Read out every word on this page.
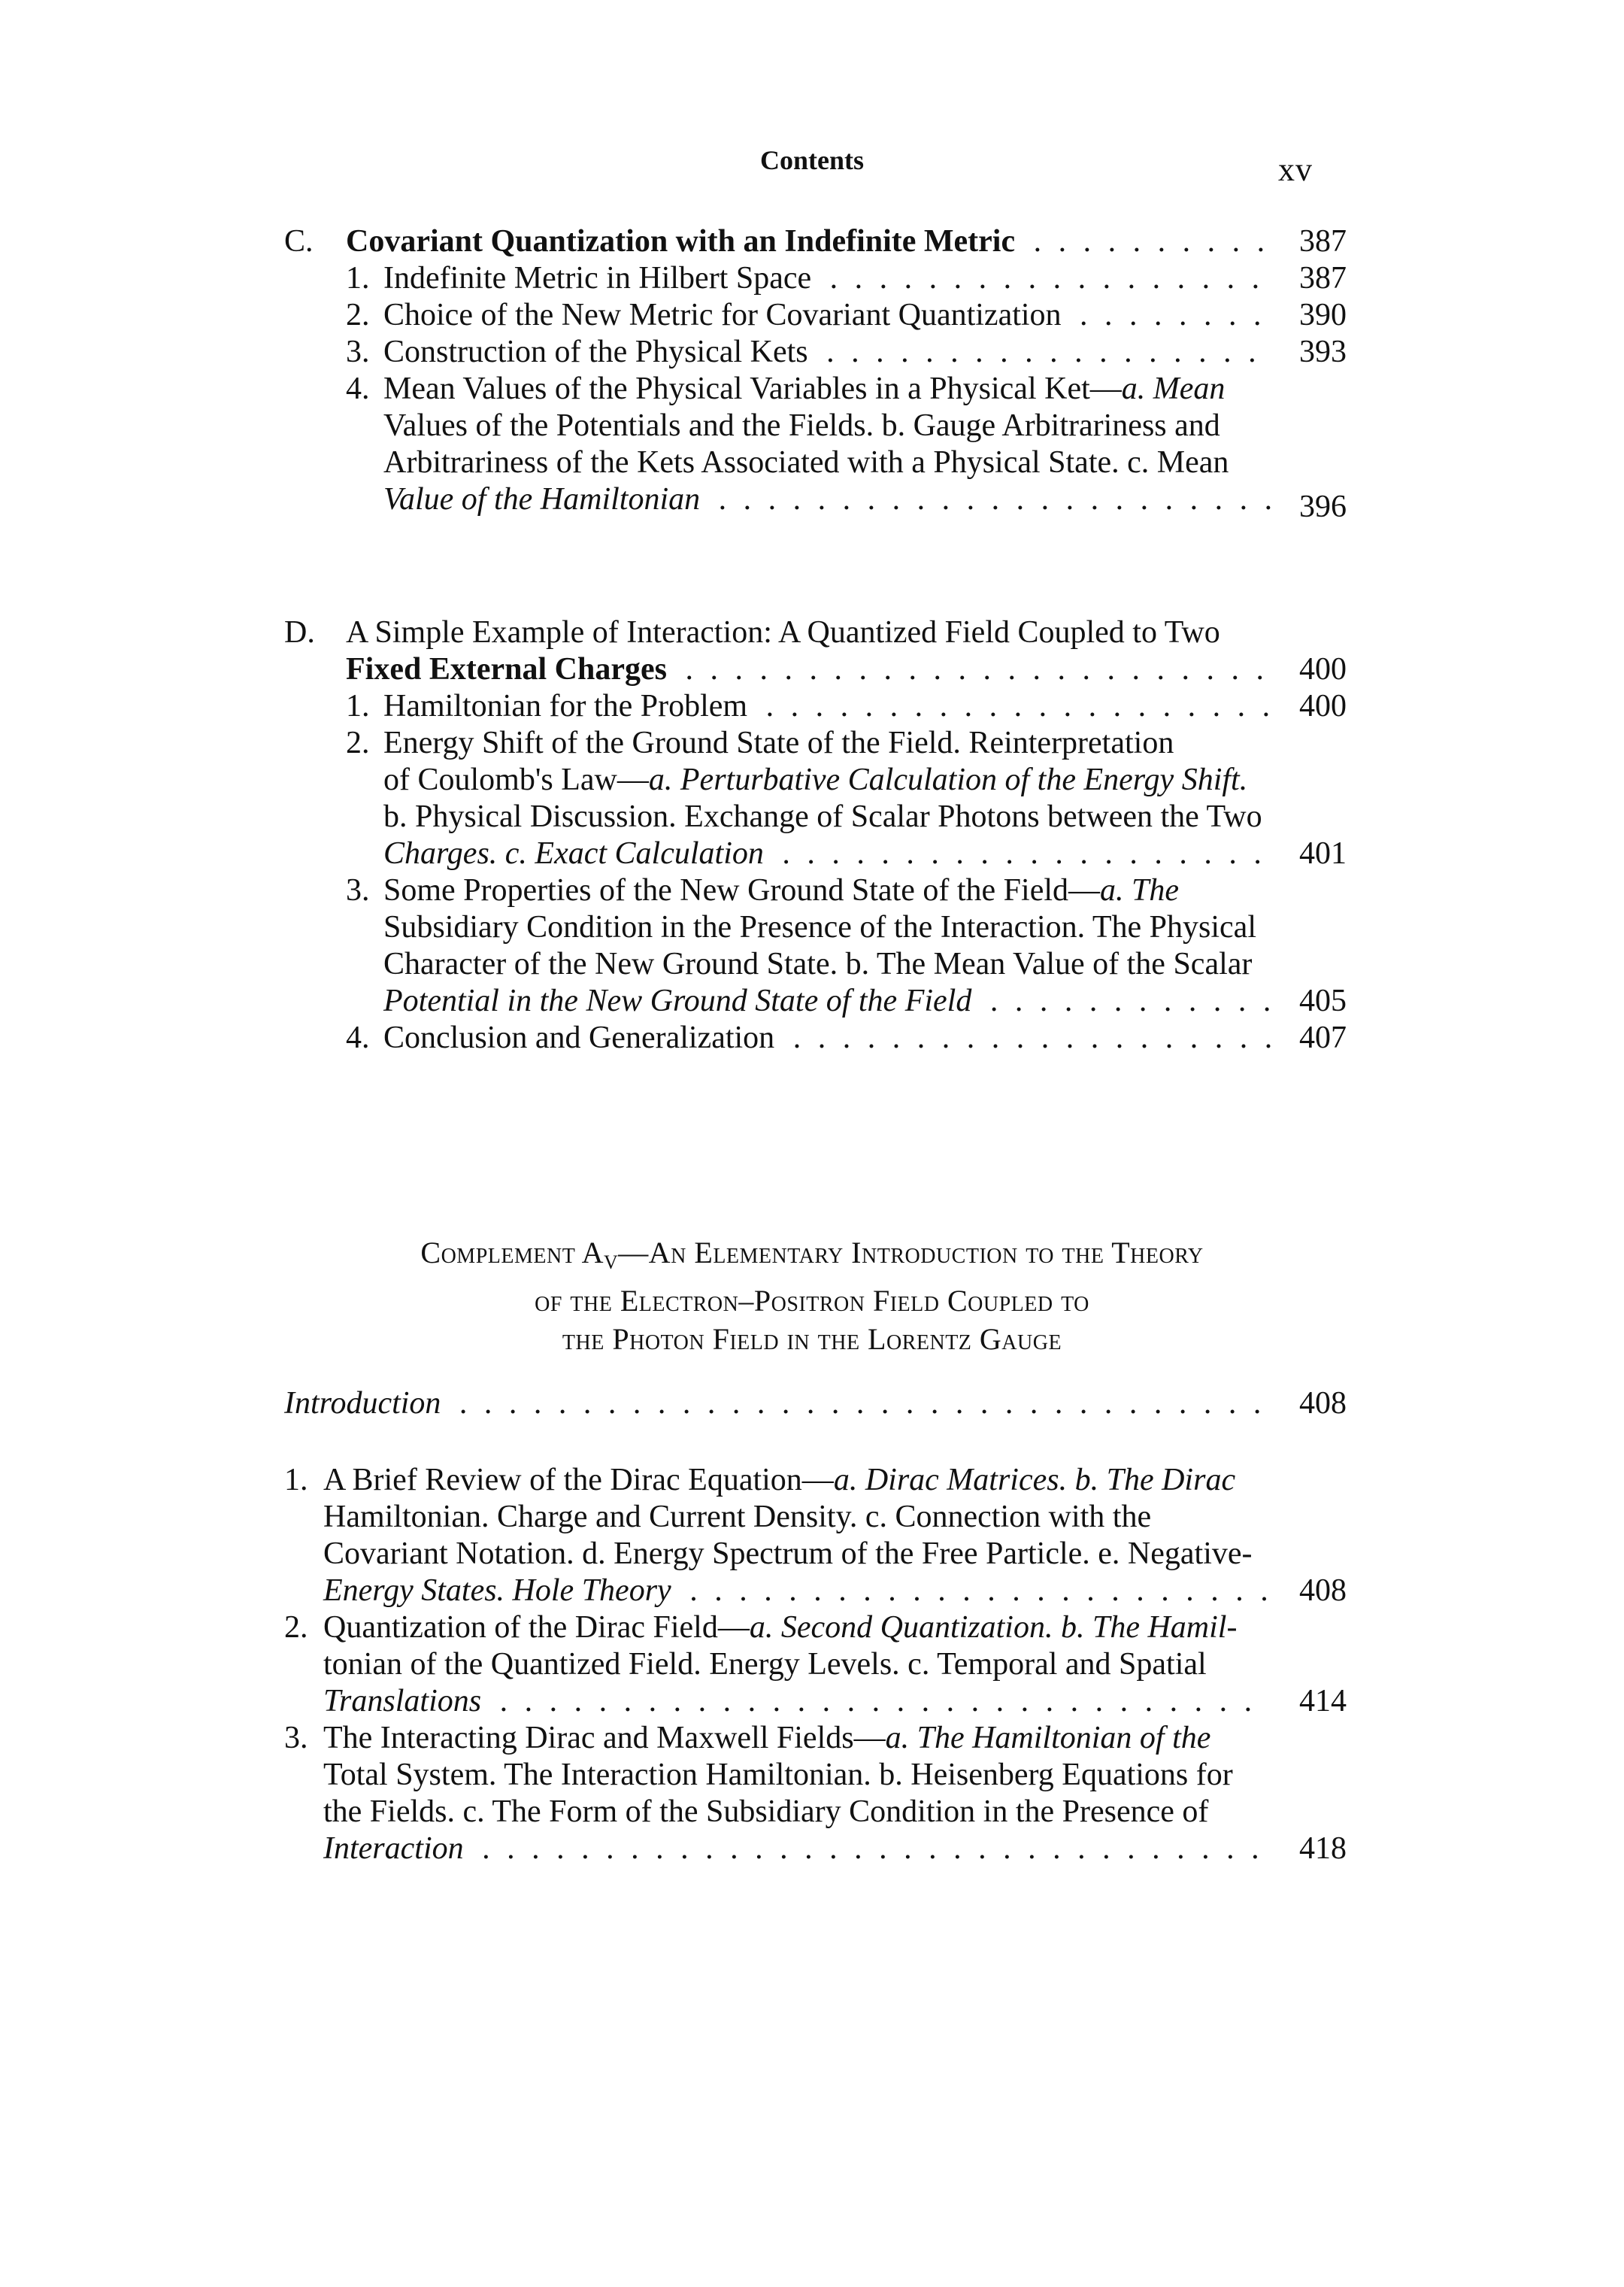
Contents	xv
C. Covariant Quantization with an Indefinite Metric . . . . . . . . . . 387
1. Indefinite Metric in Hilbert Space . . . . . . . . . . . . . . . . . . 387
2. Choice of the New Metric for Covariant Quantization . . . . . . . . 390
3. Construction of the Physical Kets . . . . . . . . . . . . . . . . . . 393
4. Mean Values of the Physical Variables in a Physical Ket—a. Mean
Values of the Potentials and the Fields. b. Gauge Arbitrariness and
Arbitrariness of the Kets Associated with a Physical State. c. Mean
Value of the Hamiltonian . . . . . . . . . . . . . . . . . . . . . . . 396
D. A Simple Example of Interaction: A Quantized Field Coupled to Two
Fixed External Charges . . . . . . . . . . . . . . . . . . . . . . . . 400
1. Hamiltonian for the Problem . . . . . . . . . . . . . . . . . . . . . 400
2. Energy Shift of the Ground State of the Field. Reinterpretation
of Coulomb's Law—a. Perturbative Calculation of the Energy Shift.
b. Physical Discussion. Exchange of Scalar Photons between the Two
Charges. c. Exact Calculation . . . . . . . . . . . . . . . . . . . . 401
3. Some Properties of the New Ground State of the Field—a. The
Subsidiary Condition in the Presence of the Interaction. The Physical
Character of the New Ground State. b. The Mean Value of the Scalar
Potential in the New Ground State of the Field . . . . . . . . . . . . 405
4. Conclusion and Generalization . . . . . . . . . . . . . . . . . . . . 407
Complement $A_V—An$ Elementary Introduction to the Theory
of the Electron–Positron Field Coupled to
the Photon Field in the Lorentz Gauge
Introduction . . . . . . . . . . . . . . . . . . . . . . . . . . . . . . . . . 408
1. A Brief Review of the Dirac Equation—a. Dirac Matrices. b. The Dirac
Hamiltonian. Charge and Current Density. c. Connection with the
Covariant Notation. d. Energy Spectrum of the Free Particle. e. Negative-
Energy States. Hole Theory . . . . . . . . . . . . . . . . . . . . . . . . 408
2. Quantization of the Dirac Field—a. Second Quantization. b. The Hamil-
tonian of the Quantized Field. Energy Levels. c. Temporal and Spatial
Translations . . . . . . . . . . . . . . . . . . . . . . . . . . . . . . . 414
3. The Interacting Dirac and Maxwell Fields—a. The Hamiltonian of the
Total System. The Interaction Hamiltonian. b. Heisenberg Equations for
the Fields. c. The Form of the Subsidiary Condition in the Presence of
Interaction . . . . . . . . . . . . . . . . . . . . . . . . . . . . . . . . 418
